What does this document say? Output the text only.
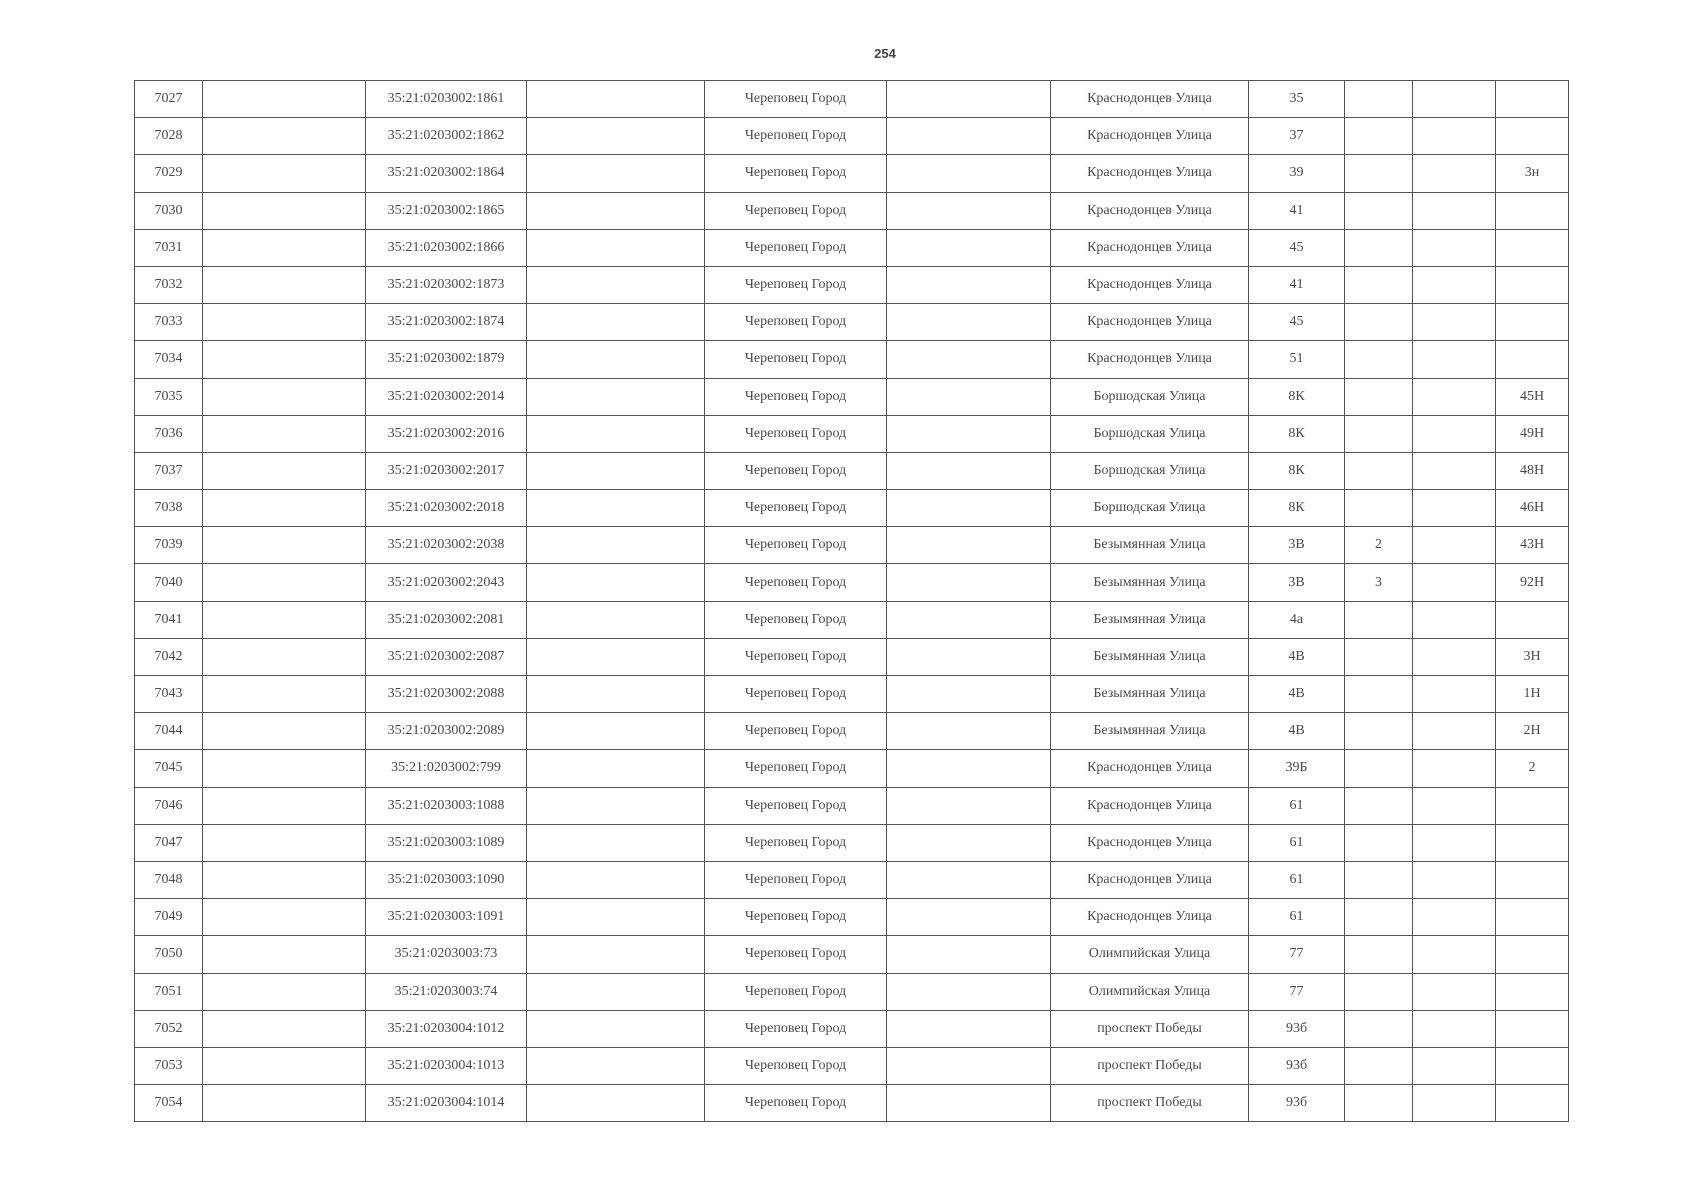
254
7027		35:21:0203002:1861		Череповец Город		Краснодонцев Улица	35			
7028		35:21:0203002:1862		Череповец Город		Краснодонцев Улица	37			
7029		35:21:0203002:1864		Череповец Город		Краснодонцев Улица	39			3н
7030		35:21:0203002:1865		Череповец Город		Краснодонцев Улица	41			
7031		35:21:0203002:1866		Череповец Город		Краснодонцев Улица	45			
7032		35:21:0203002:1873		Череповец Город		Краснодонцев Улица	41			
7033		35:21:0203002:1874		Череповец Город		Краснодонцев Улица	45			
7034		35:21:0203002:1879		Череповец Город		Краснодонцев Улица	51			
7035		35:21:0203002:2014		Череповец Город		Боршодская Улица	8К			45Н
7036		35:21:0203002:2016		Череповец Город		Боршодская Улица	8К			49Н
7037		35:21:0203002:2017		Череповец Город		Боршодская Улица	8К			48Н
7038		35:21:0203002:2018		Череповец Город		Боршодская Улица	8К			46Н
7039		35:21:0203002:2038		Череповец Город		Безымянная Улица	3В	2		43Н
7040		35:21:0203002:2043		Череповец Город		Безымянная Улица	3В	3		92Н
7041		35:21:0203002:2081		Череповец Город		Безымянная Улица	4а			
7042		35:21:0203002:2087		Череповец Город		Безымянная Улица	4В			3Н
7043		35:21:0203002:2088		Череповец Город		Безымянная Улица	4В			1Н
7044		35:21:0203002:2089		Череповец Город		Безымянная Улица	4В			2Н
7045		35:21:0203002:799		Череповец Город		Краснодонцев Улица	39Б			2
7046		35:21:0203003:1088		Череповец Город		Краснодонцев Улица	61			
7047		35:21:0203003:1089		Череповец Город		Краснодонцев Улица	61			
7048		35:21:0203003:1090		Череповец Город		Краснодонцев Улица	61			
7049		35:21:0203003:1091		Череповец Город		Краснодонцев Улица	61			
7050		35:21:0203003:73		Череповец Город		Олимпийская Улица	77			
7051		35:21:0203003:74		Череповец Город		Олимпийская Улица	77			
7052		35:21:0203004:1012		Череповец Город		проспект Победы	93б			
7053		35:21:0203004:1013		Череповец Город		проспект Победы	93б			
7054		35:21:0203004:1014		Череповец Город		проспект Победы	93б			
